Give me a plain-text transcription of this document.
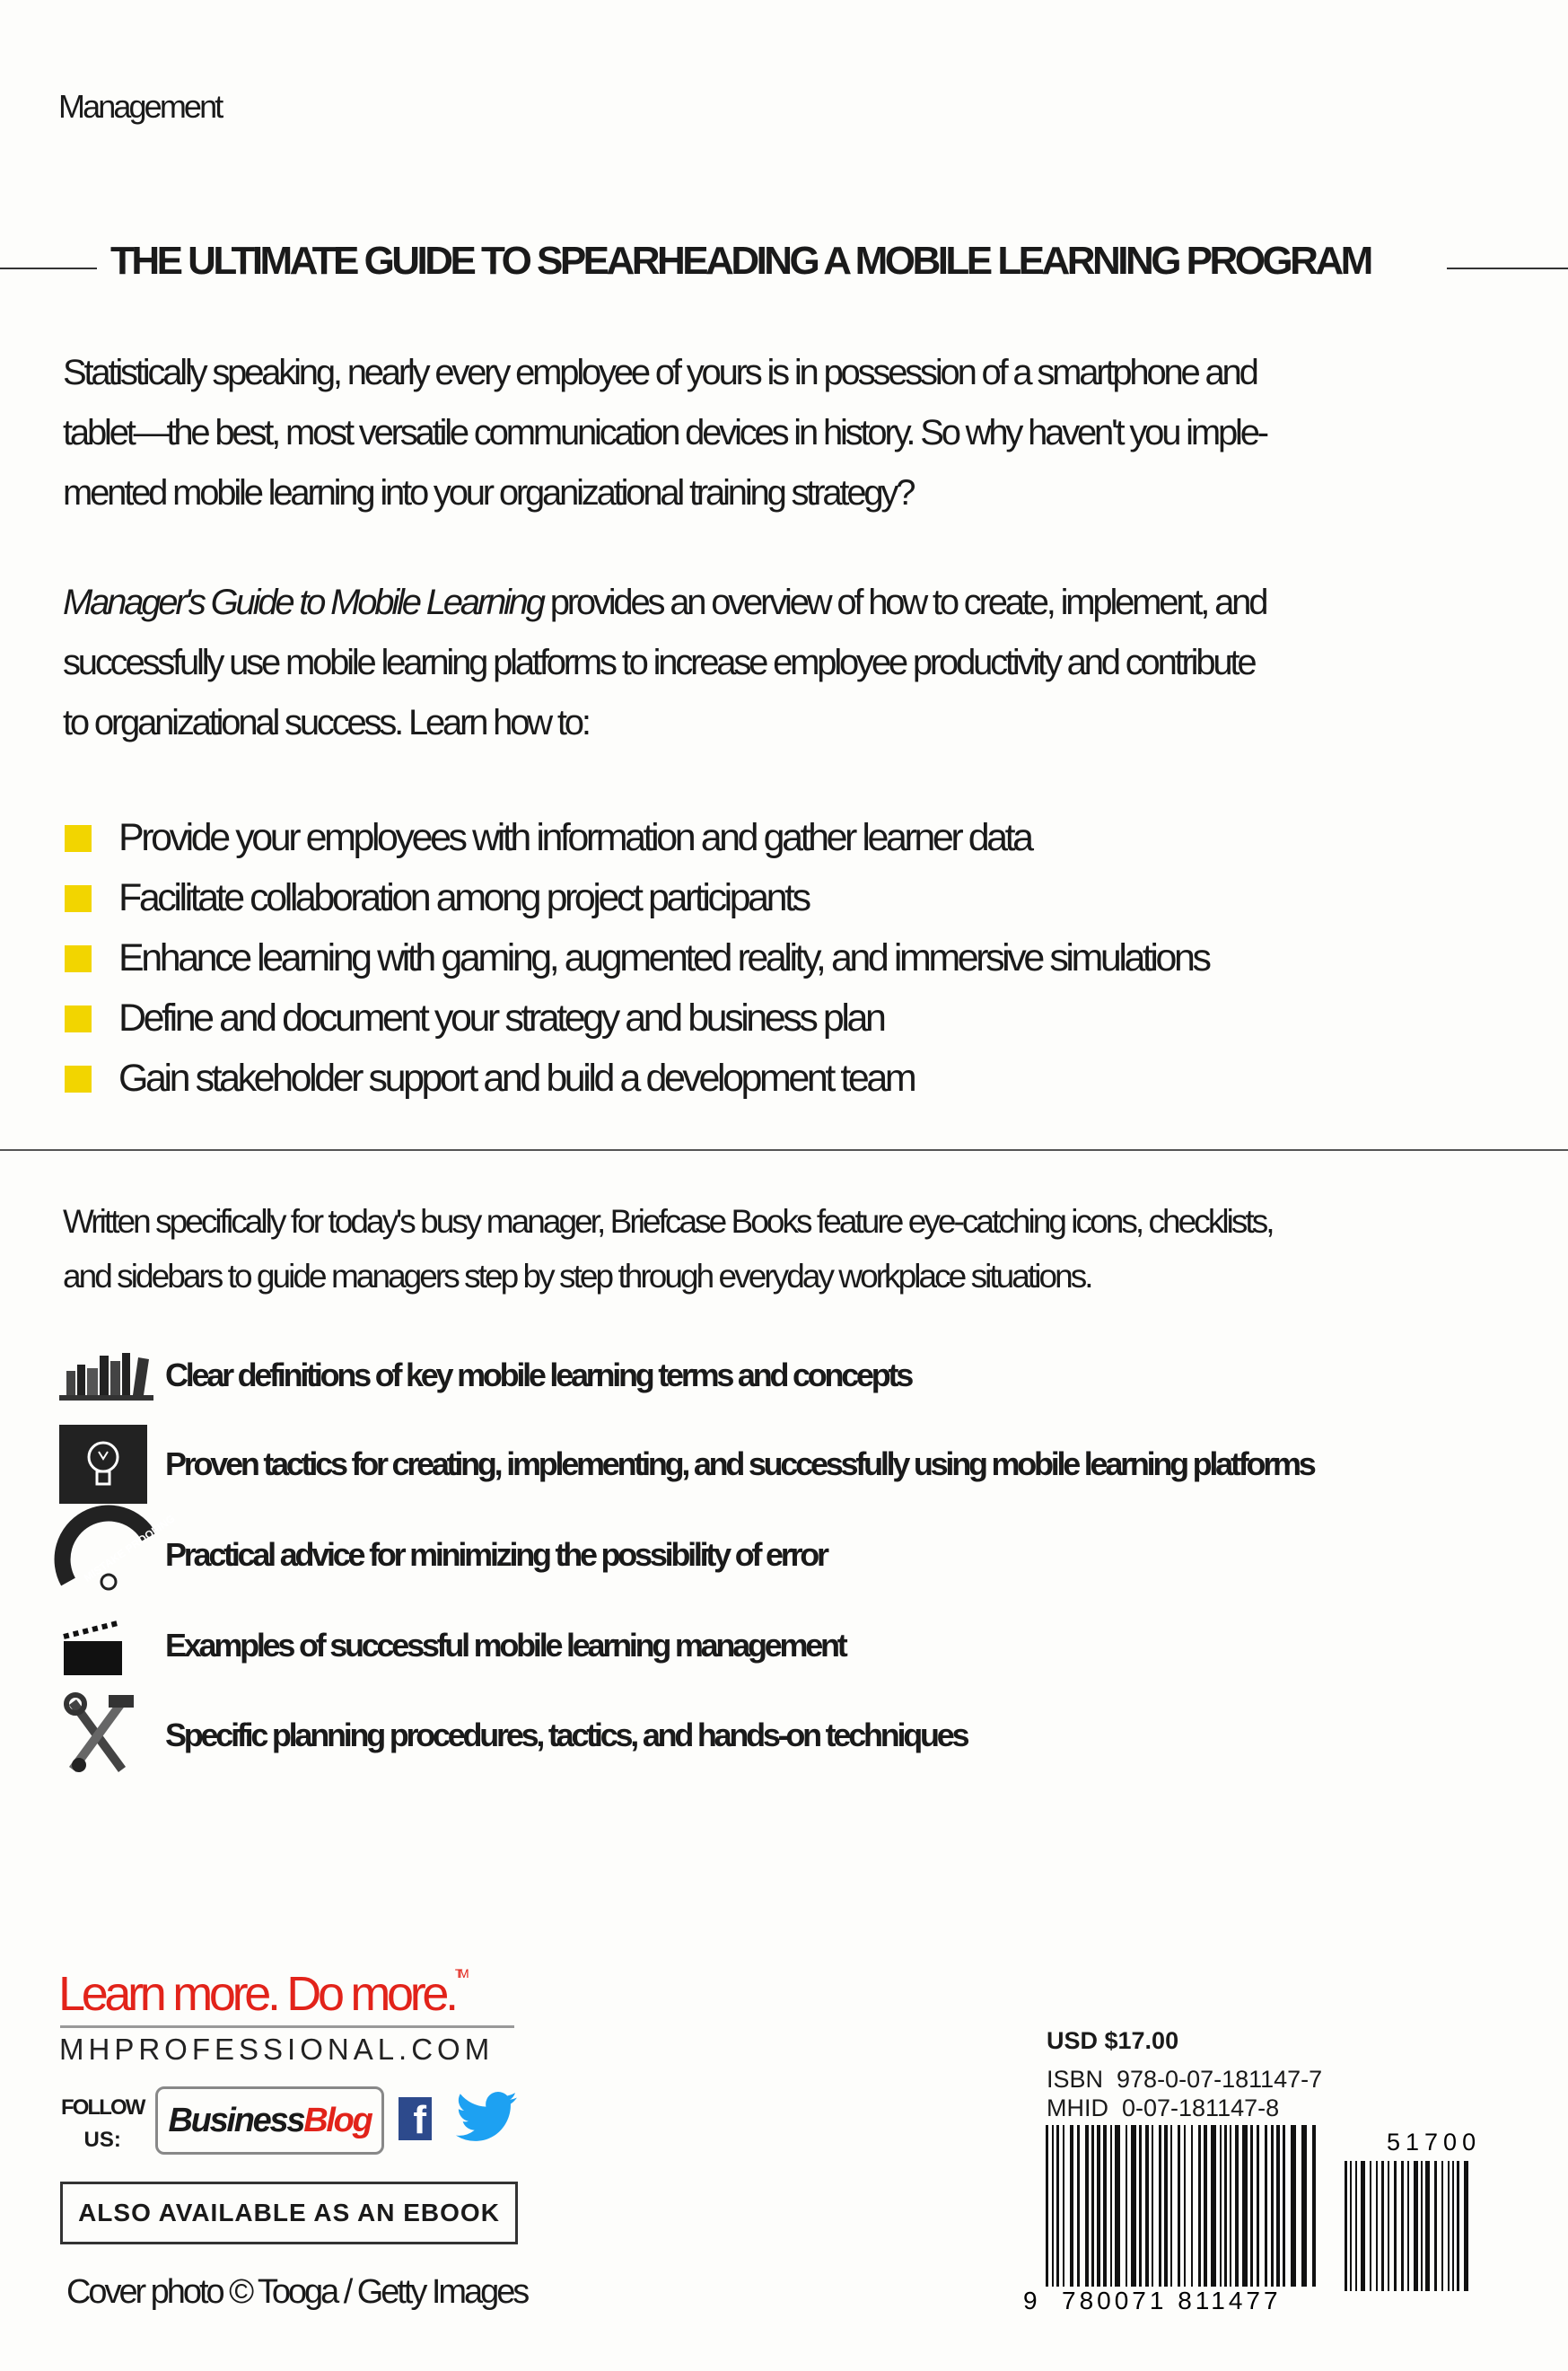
Management
THE ULTIMATE GUIDE TO SPEARHEADING A MOBILE LEARNING PROGRAM
Statistically speaking, nearly every employee of yours is in possession of a smartphone and
tablet—the best, most versatile communication devices in history. So why haven't you imple-
mented mobile learning into your organizational training strategy?
Manager's Guide to Mobile Learning provides an overview of how to create, implement, and
successfully use mobile learning platforms to increase employee productivity and contribute
to organizational success. Learn how to:
Provide your employees with information and gather learner data
Facilitate collaboration among project participants
Enhance learning with gaming, augmented reality, and immersive simulations
Define and document your strategy and business plan
Gain stakeholder support and build a development team
Written specifically for today's busy manager, Briefcase Books feature eye-catching icons, checklists,
and sidebars to guide managers step by step through everyday workplace situations.
Clear definitions of key mobile learning terms and concepts
Proven tactics for creating, implementing, and successfully using mobile learning platforms
MISTAKE PROOFING
Practical advice for minimizing the possibility of error
Examples of successful mobile learning management
Specific planning procedures, tactics, and hands-on techniques
Learn more. Do more.™
MHPROFESSIONAL.COM
FOLLOW
US:
Business Blog	f
ALSO AVAILABLE AS AN EBOOK
Cover photo © Tooga / Getty Images
USD $17.00
ISBN  978-0-07-181147-7
MHID  0-07-181147-8
9 780071 811477
51700
